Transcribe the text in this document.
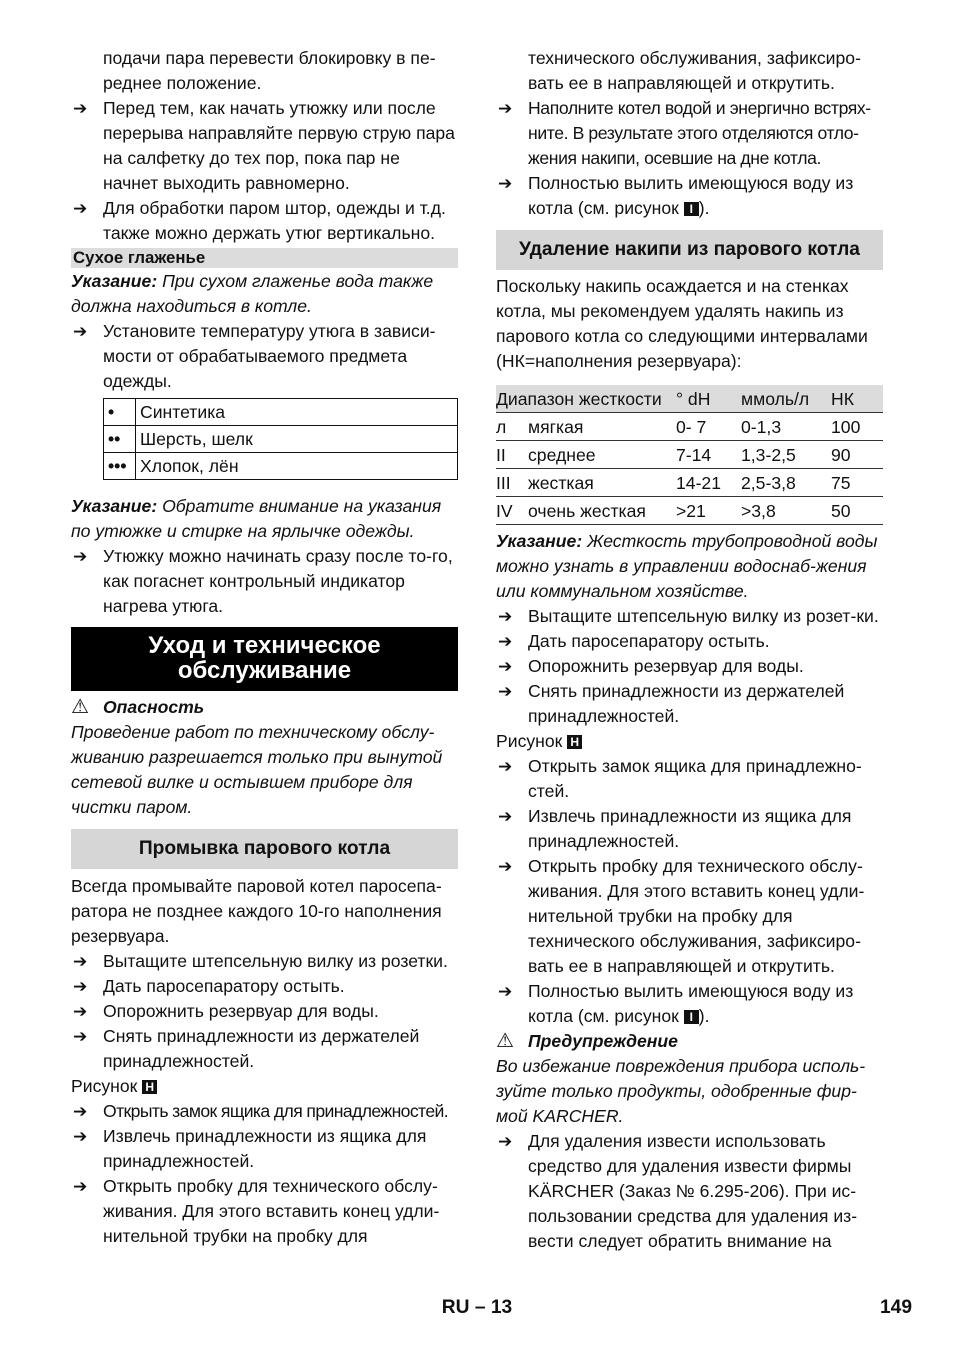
подачи пара перевести блокировку в пе-реднее положение.

➔ Перед тем, как начать утюжку или после перерыва направляйте первую струю пара на салфетку до тех пор, пока пар не начнет выходить равномерно.
➔ Для обработки паром штор, одежды и т.д. также можно держать утюг вертикально.
Сухое глаженье

Указание: При сухом глаженье вода также должна находиться в котле.

➔ Установите температуру утюга в зависи-мости от обрабатываемого предмета одежды.
•	Синтетика
••	Шерсть, шелк
•••	Хлопок, лён

Указание: Обратите внимание на указания по утюжке и стирке на ярлычке одежды.

➔ Утюжку можно начинать сразу после то-го, как погаснет контрольный индикатор нагрева утюга.
Уход и техническое
обслуживание
⚠ Опасность

Проведение работ по техническому обслу-живанию разрешается только при вынутой сетевой вилке и остывшем приборе для чистки паром.

Промывка парового котла

Всегда промывайте паровой котел паросепа-ратора не позднее каждого 10-го наполнения резервуара.

➔ Вытащите штепсельную вилку из розетки.
➔ Дать паросепаратору остыть.
➔ Опорожнить резервуар для воды.
➔ Снять принадлежности из держателей принадлежностей.

Рисунок H

➔ Открыть замок ящика для принадлежностей.
➔ Извлечь принадлежности из ящика для принадлежностей.
➔ Открыть пробку для технического обслу-живания. Для этого вставить конец удли-нительной трубки на пробку для

технического обслуживания, зафиксиро-вать ее в направляющей и открутить.

➔ Наполните котел водой и энергично встрях-ните. В результате этого отделяются отло-жения накипи, осевшие на дне котла.
➔ Полностью вылить имеющуюся воду из котла (см. рисунок I ).
Удаление накипи из парового котла

Поскольку накипь осаждается и на стенках котла, мы рекомендуем удалять накипь из парового котла со следующими интервалами (НК=наполнения резервуара):

Диапазон жесткости		° dH	ммоль/л	НК
л	мягкая	0- 7	0-1,3	100
II	среднее	7-14	1,3-2,5	90
III	жесткая	14-21	2,5-3,8	75
IV	очень жесткая	>21	>3,8	50

Указание: Жесткость трубопроводной воды можно узнать в управлении водоснаб-жения или коммунальном хозяйстве.

➔ Вытащите штепсельную вилку из розет-ки.
➔ Дать паросепаратору остыть.
➔ Опорожнить резервуар для воды.
➔ Снять принадлежности из держателей принадлежностей.

Рисунок H

➔ Открыть замок ящика для принадлежно-стей.
➔ Извлечь принадлежности из ящика для принадлежностей.
➔ Открыть пробку для технического обслу-живания. Для этого вставить конец удли-нительной трубки на пробку для технического обслуживания, зафиксиро-вать ее в направляющей и открутить.
➔ Полностью вылить имеющуюся воду из котла (см. рисунок I ).
⚠ Предупреждение

Во избежание повреждения прибора исполь-зуйте только продукты, одобренные фир-мой KARCHER.

➔ Для удаления извести использовать средство для удаления извести фирмы KÄRCHER (Заказ № 6.295-206). При ис-пользовании средства для удаления из-вести следует обратить внимание на
RU – 13	149
